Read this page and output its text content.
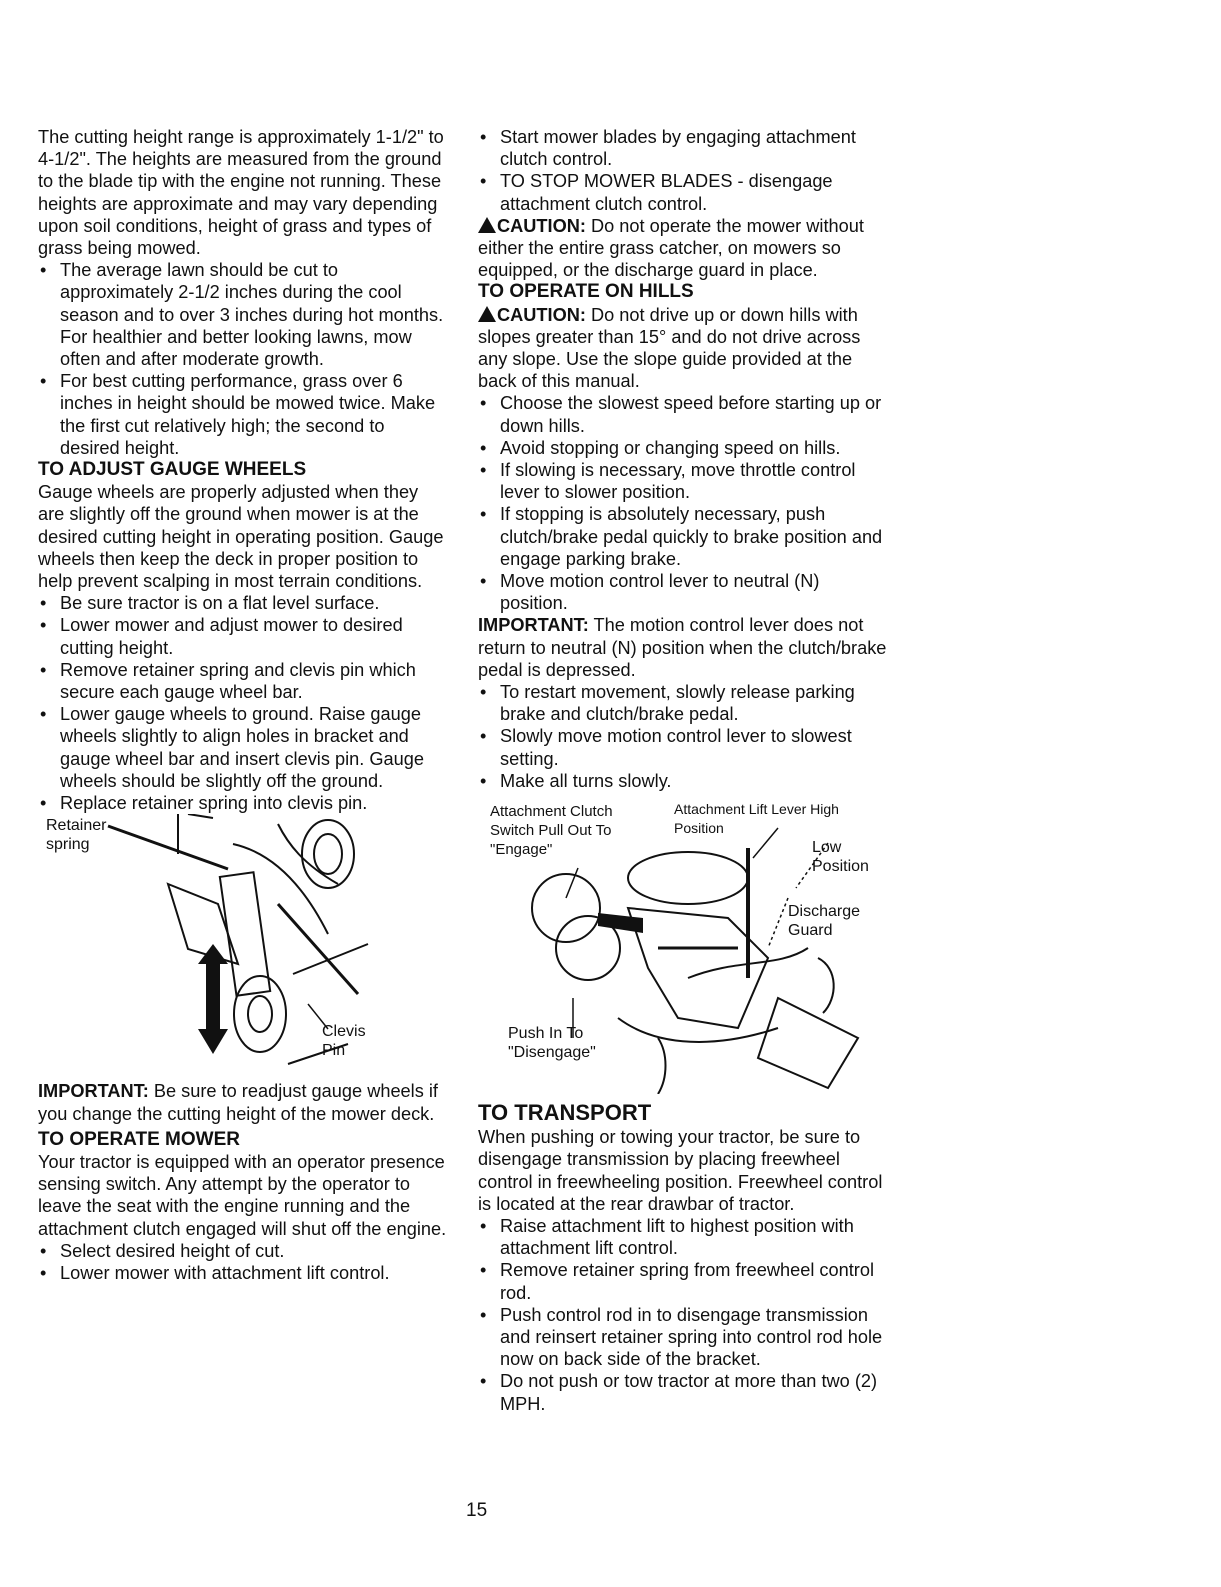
The cutting height range is approximately 1-1/2" to 4-1/2". The heights are measured from the ground to the blade tip with the engine not running. These heights are approximate and may vary depending upon soil conditions, height of grass and types of grass being mowed.

• The average lawn should be cut to approximately 2-1/2 inches during the cool season and to over 3 inches during hot months. For healthier and better looking lawns, mow often and after moderate growth.

• For best cutting performance, grass over 6 inches in height should be mowed twice. Make the first cut relatively high; the second to desired height.

TO ADJUST GAUGE WHEELS

Gauge wheels are properly adjusted when they are slightly off the ground when mower is at the desired cutting height in operating position. Gauge wheels then keep the deck in proper position to help prevent scalping in most terrain conditions.

• Be sure tractor is on a flat level surface.

• Lower mower and adjust mower to desired cutting height.

• Remove retainer spring and clevis pin which secure each gauge wheel bar.

• Lower gauge wheels to ground. Raise gauge wheels slightly to align holes in bracket and gauge wheel bar and insert clevis pin. Gauge wheels should be slightly off the ground.

• Replace retainer spring into clevis pin.

Retainer spring
Clevis Pin

IMPORTANT: Be sure to readjust gauge wheels if you change the cutting height of the mower deck.

TO OPERATE MOWER

Your tractor is equipped with an operator presence sensing switch. Any attempt by the operator to leave the seat with the engine running and the attachment clutch engaged will shut off the engine.

• Select desired height of cut.

• Lower mower with attachment lift control.

• Start mower blades by engaging attachment clutch control.

• TO STOP MOWER BLADES - disengage attachment clutch control.

CAUTION: Do not operate the mower without either the entire grass catcher, on mowers so equipped, or the discharge guard in place.

TO OPERATE ON HILLS

CAUTION: Do not drive up or down hills with slopes greater than 15° and do not drive across any slope. Use the slope guide provided at the back of this manual.

• Choose the slowest speed before starting up or down hills.

• Avoid stopping or changing speed on hills.

• If slowing is necessary, move throttle control lever to slower position.

• If stopping is absolutely necessary, push clutch/brake pedal quickly to brake position and engage parking brake.

• Move motion control lever to neutral (N) position.

IMPORTANT: The motion control lever does not return to neutral (N) position when the clutch/brake pedal is depressed.

• To restart movement, slowly release parking brake and clutch/brake pedal.

• Slowly move motion control lever to slowest setting.

• Make all turns slowly.

Attachment Clutch Switch Pull Out To "Engage"
Attachment Lift Lever High Position
Low Position
Discharge Guard
Push In To "Disengage"

TO TRANSPORT

When pushing or towing your tractor, be sure to disengage transmission by placing freewheel control in freewheeling position. Freewheel control is located at the rear drawbar of tractor.

• Raise attachment lift to highest position with attachment lift control.

• Remove retainer spring from freewheel control rod.

• Push control rod in to disengage transmission and reinsert retainer spring into control rod hole now on back side of the bracket.

• Do not push or tow tractor at more than two (2) MPH.

15
